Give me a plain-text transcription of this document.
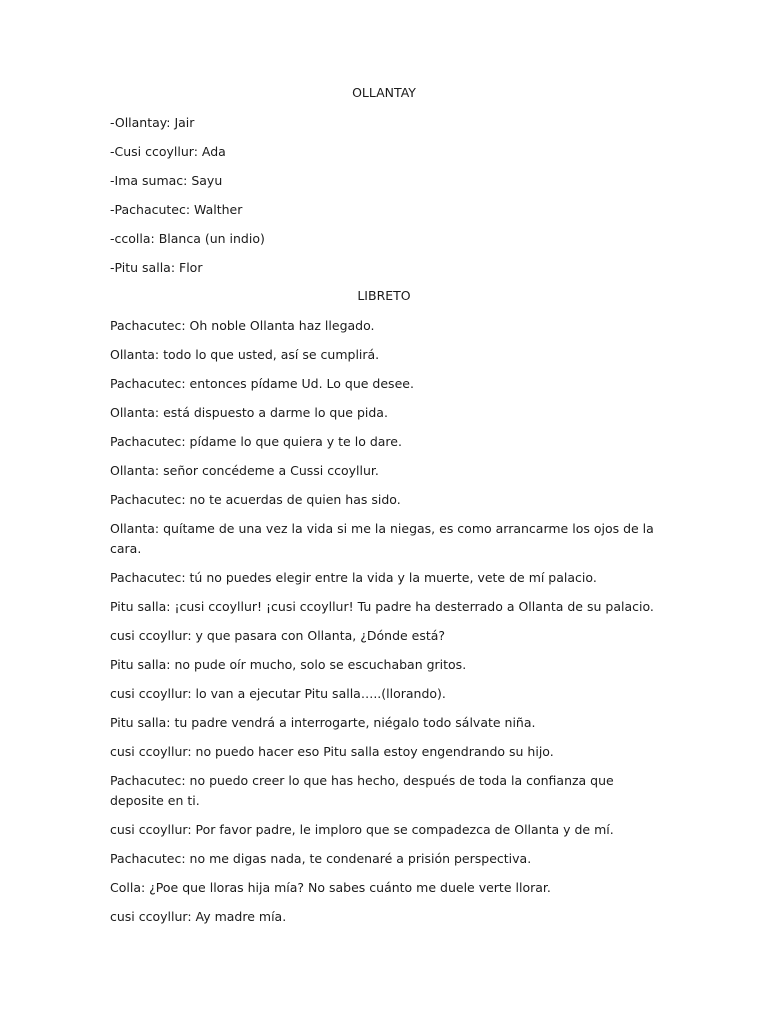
OLLANTAY
-Ollantay: Jair
-Cusi ccoyllur: Ada
-Ima sumac: Sayu
-Pachacutec: Walther
-ccolla: Blanca (un indio)
-Pitu salla: Flor
LIBRETO
Pachacutec: Oh noble Ollanta haz llegado.
Ollanta: todo lo que usted, así se cumplirá.
Pachacutec: entonces pídame Ud. Lo que desee.
Ollanta: está dispuesto a darme lo que pida.
Pachacutec: pídame lo que quiera y te lo dare.
Ollanta: señor concédeme a Cussi ccoyllur.
Pachacutec: no te acuerdas de quien has sido.
Ollanta: quítame de una vez la vida si me la niegas, es como arrancarme los ojos de la cara.
Pachacutec: tú no puedes elegir entre la vida y la muerte, vete de mí palacio.
Pitu salla: ¡cusi ccoyllur! ¡cusi ccoyllur! Tu padre ha desterrado a Ollanta de su palacio.
cusi ccoyllur: y que pasara con Ollanta, ¿Dónde está?
Pitu salla: no pude oír mucho, solo se escuchaban gritos.
cusi ccoyllur: lo van a ejecutar Pitu salla…..(llorando).
Pitu salla: tu padre vendrá a interrogarte, niégalo todo sálvate niña.
cusi ccoyllur: no puedo hacer eso Pitu salla estoy engendrando su hijo.
Pachacutec: no puedo creer lo que has hecho, después de toda la confianza que deposite en ti.
cusi ccoyllur: Por favor padre, le imploro que se compadezca de Ollanta y de mí.
Pachacutec: no me digas nada, te condenaré a prisión perspectiva.
Colla: ¿Poe que lloras hija mía? No sabes cuánto me duele verte llorar.
cusi ccoyllur: Ay madre mía.
